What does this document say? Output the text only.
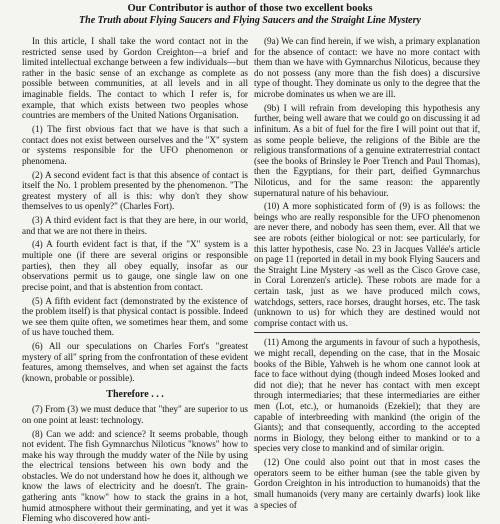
Our Contributor is author of those two excellent books
The Truth about Flying Saucers and Flying Saucers and the Straight Line Mystery

In this article, I shall take the word contact not in the restricted sense used by Gordon Creighton—a brief and limited intellectual exchange between a few individuals—but rather in the basic sense of an exchange as complete as possible between communities, at all levels and in all imaginable fields. The contact to which I refer is, for example, that which exists between two peoples whose countries are members of the United Nations Organisation.

(1) The first obvious fact that we have is that such a contact does not exist between ourselves and the "X" system or systems responsible for the UFO phenomenon or phenomena.

(2) A second evident fact is that this absence of contact is itself the No. 1 problem presented by the phenomenon. "The greatest mystery of all is this: why don't they show themselves to us openly?" (Charles Fort).

(3) A third evident fact is that they are here, in our world, and that we are not there in theirs.

(4) A fourth evident fact is that, if the "X" system is a multiple one (if there are several origins or responsible parties), then they all obey equally, insofar as our observations permit us to gauge, one single law on one precise point, and that is abstention from contact.

(5) A fifth evident fact (demonstrated by the existence of the problem itself) is that physical contact is possible. Indeed we see them quite often, we sometimes hear them, and some of us have touched them.

(6) All our speculations on Charles Fort's "greatest mystery of all" spring from the confrontation of these evident features, among themselves, and when set against the facts (known, probable or possible).

Therefore . . .

(7) From (3) we must deduce that "they" are superior to us on one point at least: technology.

(8) Can we add: and science? It seems probable, though not evident. The fish Gymnarchus Niloticus "knows" how to make his way through the muddy water of the Nile by using the electrical tensions between his own body and the obstacles. We do not understand how he does it, although we know the laws of electricity and he doesn't. The grain-gathering ants "know" how to stack the grains in a hot, humid atmosphere without their germinating, and yet it was Fleming who discovered how anti-

(9a) We can find herein, if we wish, a primary explanation for the absence of contact: we have no more contact with them than we have with Gymnarchus Niloticus, because they do not possess (any more than the fish does) a discursive type of thought. They dominate us only to the degree that the microbe dominates us when we are ill.

(9b) I will refrain from developing this hypothesis any further, being well aware that we could go on discussing it ad infinitum. As a bit of fuel for the fire I will point out that if, as some people believe, the religions of the Bible are the religious transformations of a genuine extraterrestrial contact (see the books of Brinsley le Poer Trench and Paul Thomas), then the Egyptians, for their part, deified Gymnarchus Niloticus, and for the same reason: the apparently supernatural nature of his behaviour.

(10) A more sophisticated form of (9) is as follows: the beings who are really responsible for the UFO phenomenon are never there, and nobody has seen them, ever. All that we see are robots (either biological or not: see particularly, for this latter hypothesis, case No. 23 in Jacques Vallée's article on page 11 (reported in detail in my book Flying Saucers and the Straight Line Mystery -as well as the Cisco Grove case, in Coral Lorenzen's article). These robots are made for a certain task, just as we have produced milch cows, watchdogs, setters, race horses, draught horses, etc. The task (unknown to us) for which they are destined would not comprise contact with us.

(11) Among the arguments in favour of such a hypothesis, we might recall, depending on the case, that in the Mosaic books of the Bible, Yahweh is he whom one cannot look at face to face without dying (though indeed Moses looked and did not die); that he never has contact with men except through intermediaries; that these intermediaries are either men (Lot, etc.), or humanoids (Ezekiel); that they are capable of interbreeding with mankind (the origin of the Giants); and that consequently, according to the accepted norms in Biology, they belong either to mankind or to a species very close to mankind and of similar origin.

(12) One could also point out that in most cases the operators seem to be either human (see the table given by Gordon Creighton in his introduction to humanoids) that the small humanoids (very many are certainly dwarfs) look like a species of
